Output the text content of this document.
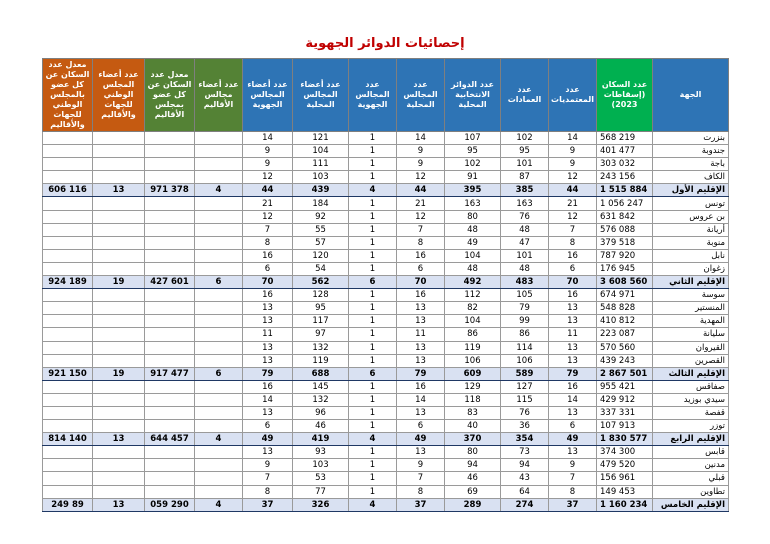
إحصائيات الدوائر الجهوية
الجهة	عدد السكان (إسقاطات 2023)	عدد المعتمديات	عدد العمادات	عدد الدوائر الانتخابية المحلية	عدد المجالس المحلية	عدد المجالس الجهوية	عدد أعضاء المجالس المحلية	عدد أعضاء المجالس الجهوية	عدد أعضاء مجالس الأقاليم	معدل عدد السكان عن كل عضو بمجلس الأقاليم	عدد أعضاء المجلس الوطني للجهات والأقاليم	معدل عدد السكان عن كل عضو بالمجلس الوطني للجهات والأقاليم
بنزرت	568 219	14	102	107	14	1	121	14				
جندوبة	401 477	9	95	95	9	1	104	9				
باجة	303 032	9	101	102	9	1	111	9				
الكاف	243 156	12	87	91	12	1	103	12				
الإقليم الأول	1 515 884	44	385	395	44	4	439	44	4	378 971	13	116 606
تونس	1 056 247	21	163	163	21	1	184	21				
بن عروس	631 842	12	76	80	12	1	92	12				
أريانة	576 088	7	48	48	7	1	55	7				
منوبة	379 518	8	47	49	8	1	57	8				
نابل	787 920	16	101	104	16	1	120	16				
زغوان	176 945	6	48	48	6	1	54	6				
الإقليم الثاني	3 608 560	70	483	492	70	6	562	70	6	601 427	19	189 924
سوسة	674 971	16	105	112	16	1	128	16				
المنستير	548 828	13	79	82	13	1	95	13				
المهدية	410 812	13	99	104	13	1	117	13				
سليانة	223 087	11	86	86	11	1	97	11				
القيروان	570 560	13	114	119	13	1	132	13				
القصرين	439 243	13	106	106	13	1	119	13				
الإقليم الثالث	2 867 501	79	589	609	79	6	688	79	6	477 917	19	150 921
صفاقس	955 421	16	127	129	16	1	145	16				
سيدي بوزيد	429 912	14	115	118	14	1	132	14				
قفصة	337 331	13	76	83	13	1	96	13				
توزر	107 913	6	36	40	6	1	46	6				
الإقليم الرابع	1 830 577	49	354	370	49	4	419	49	4	457 644	13	140 814
قابس	374 300	13	73	80	13	1	93	13				
مدنين	479 520	9	94	94	9	1	103	9				
قبلي	156 961	7	43	46	7	1	53	7				
تطاوين	149 453	8	64	69	8	1	77	8				
الإقليم الخامس	1 160 234	37	274	289	37	4	326	37	4	290 059	13	89 249
